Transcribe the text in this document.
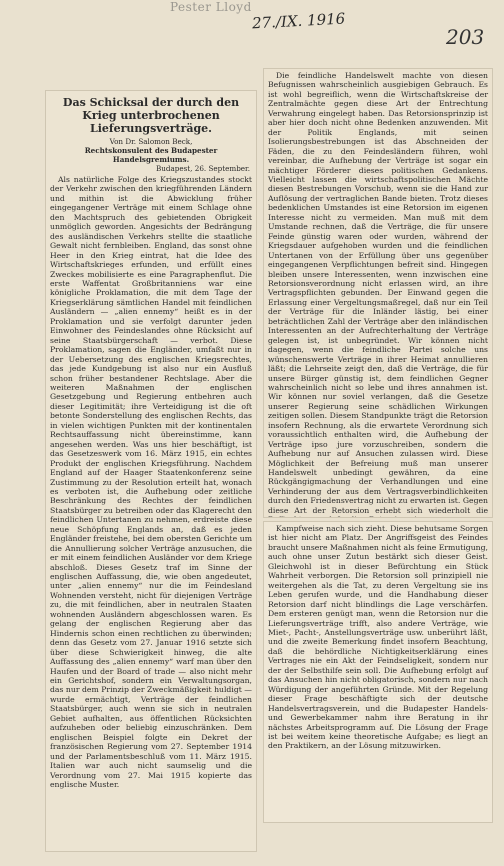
Pester Lloyd
27./IX. 1916
203
Das Schicksal der durch den Krieg unterbrochenen Lieferungsverträge.
Von Dr. Salomon Beck,
Rechtskonsulent des Budapester Handelsgremiums.
Budapest, 26. September.

Als natürliche Folge des Kriegszustandes stockt der Verkehr zwischen den kriegführenden Ländern und mithin ist die Abwicklung früher eingegangener Verträge mit einem Schlage ohne den Machtspruch des gebietenden Obrigkeit unmöglich geworden. Angesichts der Bedrängung des ausländischen Verkehrs stellte die staatliche Gewalt nicht fernbleiben. England, das sonst ohne Heer in den Krieg eintrat, hat die Idee des Wirtschaftskrieges erfunden, und erfüllt eines Zweckes mobilisierte es eine Paragraphenflut. Die erste Waffentat Großbritanniens war eine königliche Proklamation, die mit dem Tage der Kriegserklärung sämtlichen Handel mit feindlichen Ausländern — „alien ennemy“ heißt es in der Proklamation und sie verfolgt darunter jeden Einwohner des Feindeslandes ohne Rücksicht auf seine Staatsbürgerschaft — verbot. Diese Proklamation, sagen die Engländer, umfaßt nur in der Uebersetzung des englischen Kriegsrechtes, das jede Kundgebung ist also nur ein Ausfluß schon früher bestandener Rechtslage. Aber die weiteren Maßnahmen der englischen Gesetzgebung und Regierung entbehren auch dieser Legitimität; ihre Verteidigung ist die oft betonte Sonderstellung des englischen Rechts, das in vielen wichtigen Punkten mit der kontinentalen Rechtsauffassung nicht übereinstimme, kann angesehen werden. Was uns hier beschäftigt, ist das Gesetzeswerk vom 16. März 1915, ein echtes Produkt der englischen Kriegsführung. Nachdem England auf der Haager Staatenkonferenz seine Zustimmung zu der Resolution erteilt hat, wonach es verboten ist, die Aufhebung oder zeitliche Beschränkung des Rechtes der feindlichen Staatsbürger zu betreiben oder das Klagerecht den feindlichen Untertanen zu nehmen, erdreiste diese neue Schöpfung Englands an, daß es jeden Engländer freistehe, bei dem obersten Gerichte um die Annullierung solcher Verträge anzusuchen, die er mit einem feindlichen Ausländer vor dem Kriege abschloß. Dieses Gesetz traf im Sinne der englischen Auffassung, die, wie oben angedeutet, unter „alien ennemy“ nur die im Feindesland Wohnenden versteht, nicht für diejenigen Verträge zu, die mit feindlichen, aber in neutralen Staaten wohnenden Ausländern abgeschlossen waren. Es gelang der englischen Regierung aber das Hindernis schon einen rechtlichen zu überwinden; denn das Gesetz vom 27. Januar 1916 setzte sich über diese Schwierigkeit hinweg, die alte Auffassung des „alien ennemy“ warf man über den Haufen und der Board of trade — also nicht mehr ein Gerichtshof, sondern ein Verwaltungsorgan, das nur dem Prinzip der Zweckmäßigkeit huldigt — wurde ermächtigt, Verträge der feindlichen Staatsbürger, auch wenn sie sich in neutralen Gebiet aufhalten, aus öffentlichen Rücksichten aufzuheben oder beliebig einzuschränken. Dem englischen Beispiel folgte ein Dekret der französischen Regierung vom 27. September 1914 und der Parlamentsbeschluß vom 11. März 1915. Italien war auch nicht saumselig und die Verordnung vom 27. Mai 1915 kopierte das englische Muster.

Die feindliche Handelswelt machte von diesen Befugnissen wahrscheinlich ausgiebigen Gebrauch. Es ist wohl begreiflich, wenn die Wirtschaftskreise der Zentralmächte gegen diese Art der Entrechtung Verwahrung eingelegt haben. Das Retorsionsprinzip ist aber hier doch nicht ohne Bedenken anzuwenden. Mit der Politik Englands, mit seinen Isolierungsbestrebungen ist das Abschneiden der Fäden, die zu den Feindesländern führen, wohl vereinbar, die Aufhebung der Verträge ist sogar ein mächtiger Förderer dieses politischen Gedankens. Vielleicht lassen die wirtschaftspolitischen Mächte diesen Bestrebungen Vorschub, wenn sie die Hand zur Auflösung der vertraglichen Bande bieten. Trotz dieses bedenklichen Umstandes ist eine Retorsion im eigenen Interesse nicht zu vermeiden. Man muß mit dem Umstande rechnen, daß die Verträge, die für unsere Feinde günstig waren oder wurden, während der Kriegsdauer aufgehoben wurden und die feindlichen Untertanen von der Erfüllung über uns gegenüber eingegangenen Verpflichtungen befreit sind. Hingegen bleiben unsere Interessenten, wenn inzwischen eine Retorsionsverordnung nicht erlassen wird, an ihre Vertragspflichten gebunden. Der Einwand gegen die Erlassung einer Vergeltungsmaßregel, daß nur ein Teil der Verträge für die Inländer lästig, bei einer beträchtlichen Zahl der Verträge aber den inländischen Interessenten an der Aufrechterhaltung der Verträge gelegen ist, ist unbegründet. Wir können nicht dagegen, wenn die feindliche Partei solche uns wünschenswerte Verträge in ihrer Heimat annullieren läßt; die Lehrseite zeigt den, daß die Verträge, die für unsere Bürger günstig ist, dem feindlichen Gegner wahrscheinlich nicht so lebe und ihres annahmen ist. Wir können nur soviel verlangen, daß die Gesetze unserer Regierung seine schädlichen Wirkungen zeitigen sollen. Diesem Standpunkte trägt die Retorsion insofern Rechnung, als die erwartete Verordnung sich voraussichtlich enthalten wird, die Aufhebung der Verträge ipso jure vorzuschreiben, sondern die Aufhebung nur auf Ansuchen zulassen wird. Diese Möglichkeit der Befreiung muß man unserer Handelswelt unbedingt gewähren, da eine Rückgängigmachung der Verhandlungen und eine Verhinderung der aus dem Vertragsverbindlichkeiten durch den Friedensvertrag nicht zu erwarten ist. Gegen diese Art der Retorsion erhebt sich wiederholt die

Kampfweise nach sich zieht. Diese behutsame Sorgen ist hier nicht am Platz. Der Angriffsgeist des Feindes braucht unsere Maßnahmen nicht als feine Ermutigung, auch ohne unser Zutun bestärkt sich dieser Geist. Gleichwohl ist in dieser Befürchtung ein Stück Wahrheit verborgen. Die Retorsion soll prinzipiell nie weitergehen als die Tat, zu deren Vergeltung sie ins Leben gerufen wurde, und die Handhabung dieser Retorsion darf nicht blindlings die Lage verschärfen. Dem ersteren genügt man, wenn die Retorsion nur die Lieferungsverträge trifft, also andere Verträge, wie Miet-, Pacht-, Anstellungsverträge usw. unberührt läßt, und die zweite Bemerkung findet insofern Beachtung, daß die behördliche Nichtigkeitserklärung eines Vertrages nie ein Akt der Feindseligkeit, sondern nur der der Selbsthilfe sein soll. Die Aufhebung erfolgt auf das Ansuchen hin nicht obligatorisch, sondern nur nach Würdigung der angeführten Gründe. Mit der Regelung dieser Frage beschäftigte sich der deutsche Handelsvertragsverein, und die Budapester Handels- und Gewerbekammer nahm ihre Beratung in ihr nächstes Arbeitsprogramm auf. Die Lösung der Frage ist bei weitem keine theoretische Aufgabe; es liegt an den Praktikern, an der Lösung mitzuwirken.
